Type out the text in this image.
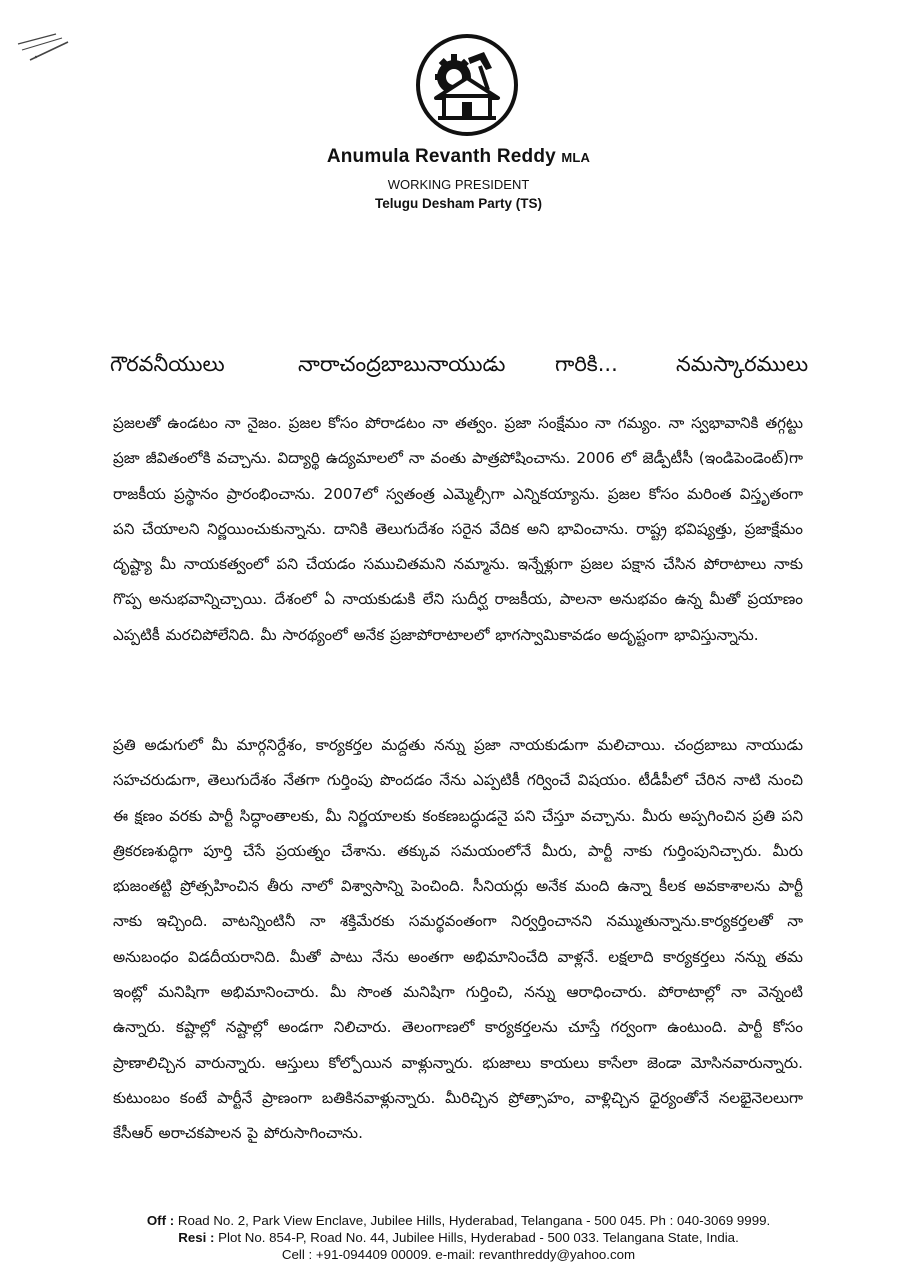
Anumula Revanth Reddy MLA
WORKING PRESIDENT
Telugu Desham Party (TS)
గౌరవనీయులు	నారాచంద్రబాబునాయుడు గారికి...	నమస్కారములు
ప్రజలతో ఉండటం నా నైజం. ప్రజల కోసం పోరాడటం నా తత్వం. ప్రజా సంక్షేమం నా గమ్యం. నా స్వభావానికి తగ్గట్టు ప్రజా జీవితంలోకి వచ్చాను. విద్యార్థి ఉద్యమాలలో నా వంతు పాత్రపోషించాను. 2006 లో జెడ్పీటీసీ (ఇండిపెండెంట్)గా రాజకీయ ప్రస్థానం ప్రారంభించాను. 2007లో స్వతంత్ర ఎమ్మెల్సీగా ఎన్నికయ్యాను. ప్రజల కోసం మరింత విస్తృతంగా పని చేయాలని నిర్ణయించుకున్నాను. దానికి తెలుగుదేశం సరైన వేదిక అని భావించాను. రాష్ట్ర భవిష్యత్తు, ప్రజాక్షేమం దృష్ట్యా మీ నాయకత్వంలో పని చేయడం సముచితమని నమ్మాను. ఇన్నేళ్లుగా ప్రజల పక్షాన చేసిన పోరాటాలు నాకు గొప్ప అనుభవాన్నిచ్చాయి. దేశంలో ఏ నాయకుడుకి లేని సుదీర్ఘ రాజకీయ, పాలనా అనుభవం ఉన్న మీతో ప్రయాణం ఎప్పటికీ మరచిపోలేనిది. మీ సారథ్యంలో అనేక ప్రజాపోరాటాలలో భాగస్వామికావడం అదృష్టంగా భావిస్తున్నాను.
ప్రతి అడుగులో మీ మార్గనిర్దేశం, కార్యకర్తల మద్దతు నన్ను ప్రజా నాయకుడుగా మలిచాయి. చంద్రబాబు నాయుడు సహచరుడుగా, తెలుగుదేశం నేతగా గుర్తింపు పొందడం నేను ఎప్పటికీ గర్వించే విషయం. టీడీపీలో చేరిన నాటి నుంచి ఈ క్షణం వరకు పార్టీ సిద్ధాంతాలకు, మీ నిర్ణయాలకు కంకణబద్ధుడనై పని చేస్తూ వచ్చాను. మీరు అప్పగించిన ప్రతి పని త్రికరణశుద్ధిగా పూర్తి చేసే ప్రయత్నం చేశాను. తక్కువ సమయంలోనే మీరు, పార్టీ నాకు గుర్తింపునిచ్చారు. మీరు భుజంతట్టి ప్రోత్సహించిన తీరు నాలో విశ్వాసాన్ని పెంచింది. సీనియర్లు అనేక మంది ఉన్నా కీలక అవకాశాలను పార్టీ నాకు ఇచ్చింది. వాటన్నింటినీ నా శక్తిమేరకు సమర్థవంతంగా నిర్వర్తించానని నమ్ముతున్నాను.కార్యకర్తలతో నా అనుబంధం విడదీయరానిది. మీతో పాటు నేను అంతగా అభిమానించేది వాళ్లనే. లక్షలాది కార్యకర్తలు నన్ను తమ ఇంట్లో మనిషిగా అభిమానించారు. మీ సొంత మనిషిగా గుర్తించి, నన్ను ఆరాధించారు. పోరాటాల్లో నా వెన్నంటి ఉన్నారు. కష్టాల్లో నష్టాల్లో అండగా నిలిచారు. తెలంగాణలో కార్యకర్తలను చూస్తే గర్వంగా ఉంటుంది. పార్టీ కోసం ప్రాణాలిచ్చిన వారున్నారు. ఆస్తులు కోల్పోయిన వాళ్లున్నారు. భుజాలు కాయలు కాసేలా జెండా మోసినవారున్నారు. కుటుంబం కంటే పార్టీనే ప్రాణంగా బతికినవాళ్లున్నారు. మీరిచ్చిన ప్రోత్సాహం, వాళ్లిచ్చిన ధైర్యంతోనే నలభైనెలలుగా కేసీఆర్ అరాచకపాలన పై పోరుసాగించాను.
Off : Road No. 2, Park View Enclave, Jubilee Hills, Hyderabad, Telangana - 500 045. Ph : 040-3069 9999.
Resi : Plot No. 854-P, Road No. 44, Jubilee Hills, Hyderabad - 500 033. Telangana State, India.
Cell : +91-094409 00009. e-mail: revanthreddy@yahoo.com
